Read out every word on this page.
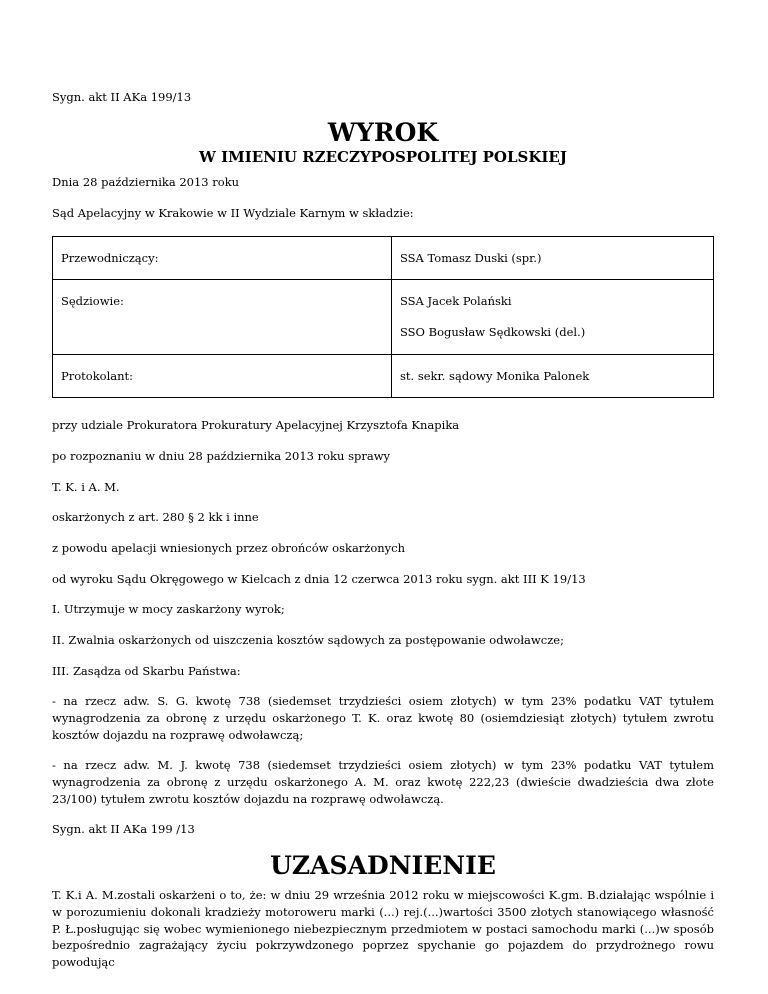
Sygn. akt II AKa 199/13

WYROK
W IMIENIU RZECZYPOSPOLITEJ POLSKIEJ

Dnia 28 października 2013 roku

Sąd Apelacyjny w Krakowie w II Wydziale Karnym w składzie:

Przewodniczący:	SSA Tomasz Duski (spr.)
Sędziowie:	SSA Jacek Polański
SSO Bogusław Sędkowski (del.)

Protokolant:	st. sekr. sądowy Monika Palonek

przy udziale Prokuratora Prokuratury Apelacyjnej Krzysztofa Knapika

po rozpoznaniu w dniu 28 października 2013 roku sprawy

T. K. i A. M.

oskarżonych z art. 280 § 2 kk i inne

z powodu apelacji wniesionych przez obrońców oskarżonych

od wyroku Sądu Okręgowego w Kielcach z dnia 12 czerwca 2013 roku sygn. akt III K 19/13

I. Utrzymuje w mocy zaskarżony wyrok;

II. Zwalnia oskarżonych od uiszczenia kosztów sądowych za postępowanie odwoławcze;

III. Zasądza od Skarbu Państwa:

- na rzecz adw. S. G. kwotę 738 (siedemset trzydzieści osiem złotych) w tym 23% podatku VAT tytułem wynagrodzenia za obronę z urzędu oskarżonego T. K. oraz kwotę 80 (osiemdziesiąt złotych) tytułem zwrotu kosztów dojazdu na rozprawę odwoławczą;

- na rzecz adw. M. J. kwotę 738 (siedemset trzydzieści osiem złotych) w tym 23% podatku VAT tytułem wynagrodzenia za obronę z urzędu oskarżonego A. M. oraz kwotę 222,23 (dwieście dwadzieścia dwa złote 23/100) tytułem zwrotu kosztów dojazdu na rozprawę odwoławczą.

Sygn. akt II AKa 199 /13

UZASADNIENIE

T. K.i A. M.zostali oskarżeni o to, że: w dniu 29 września 2012 roku w miejscowości K.gm. B.działając wspólnie i w porozumieniu dokonali kradzieży motoroweru marki (...) rej.(...)wartości 3500 złotych stanowiącego własność P. Ł.posługując się wobec wymienionego niebezpiecznym przedmiotem w postaci samochodu marki (...)w sposób bezpośrednio zagrażający życiu pokrzywdzonego poprzez spychanie go pojazdem do przydrożnego rowu powodując
